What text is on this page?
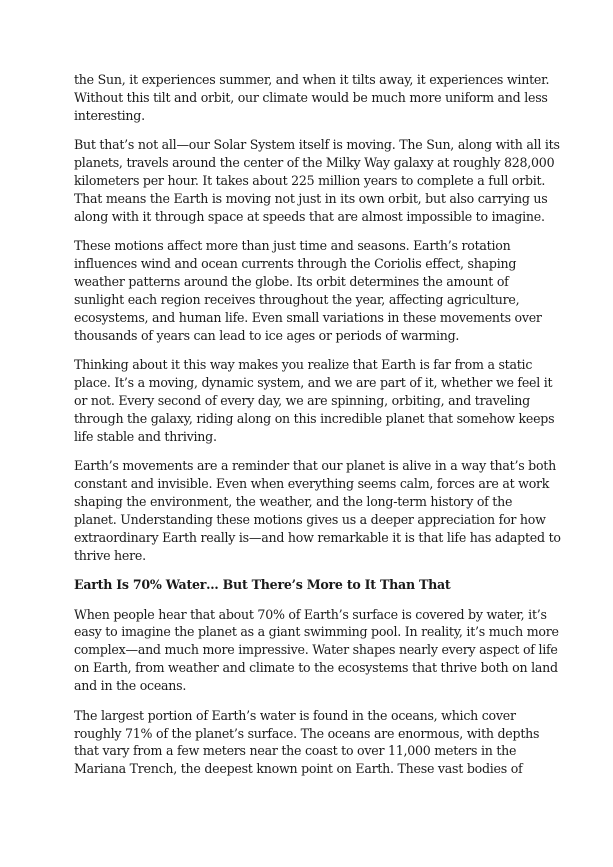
the Sun, it experiences summer, and when it tilts away, it experiences winter.
Without this tilt and orbit, our climate would be much more uniform and less
interesting.

But that’s not all—our Solar System itself is moving. The Sun, along with all its
planets, travels around the center of the Milky Way galaxy at roughly 828,000
kilometers per hour. It takes about 225 million years to complete a full orbit.
That means the Earth is moving not just in its own orbit, but also carrying us
along with it through space at speeds that are almost impossible to imagine.

These motions affect more than just time and seasons. Earth’s rotation
influences wind and ocean currents through the Coriolis effect, shaping
weather patterns around the globe. Its orbit determines the amount of
sunlight each region receives throughout the year, affecting agriculture,
ecosystems, and human life. Even small variations in these movements over
thousands of years can lead to ice ages or periods of warming.

Thinking about it this way makes you realize that Earth is far from a static
place. It’s a moving, dynamic system, and we are part of it, whether we feel it
or not. Every second of every day, we are spinning, orbiting, and traveling
through the galaxy, riding along on this incredible planet that somehow keeps
life stable and thriving.

Earth’s movements are a reminder that our planet is alive in a way that’s both
constant and invisible. Even when everything seems calm, forces are at work
shaping the environment, the weather, and the long-term history of the
planet. Understanding these motions gives us a deeper appreciation for how
extraordinary Earth really is—and how remarkable it is that life has adapted to
thrive here.

Earth Is 70% Water… But There’s More to It Than That

When people hear that about 70% of Earth’s surface is covered by water, it’s
easy to imagine the planet as a giant swimming pool. In reality, it’s much more
complex—and much more impressive. Water shapes nearly every aspect of life
on Earth, from weather and climate to the ecosystems that thrive both on land
and in the oceans.

The largest portion of Earth’s water is found in the oceans, which cover
roughly 71% of the planet’s surface. The oceans are enormous, with depths
that vary from a few meters near the coast to over 11,000 meters in the
Mariana Trench, the deepest known point on Earth. These vast bodies of
